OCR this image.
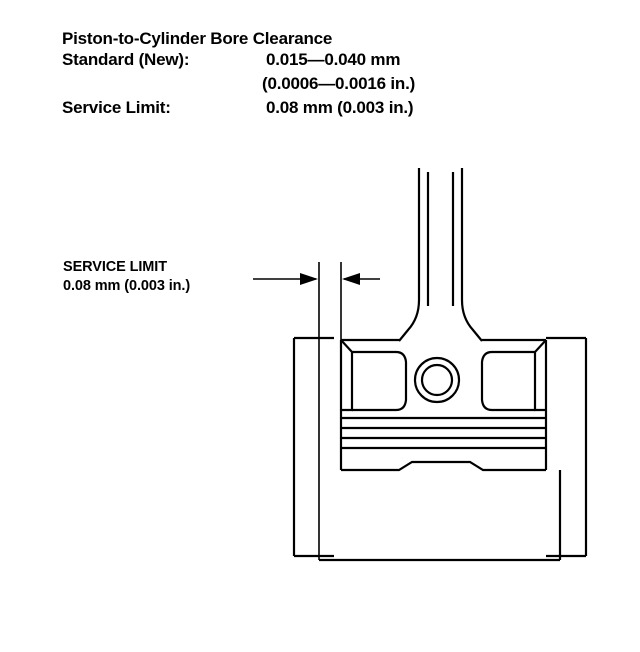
Piston-to-Cylinder Bore Clearance
Standard (New):	0.015—0.040 mm
(0.0006—0.0016 in.)
Service Limit:	0.08 mm (0.003 in.)
SERVICE LIMIT
0.08 mm (0.003 in.)
